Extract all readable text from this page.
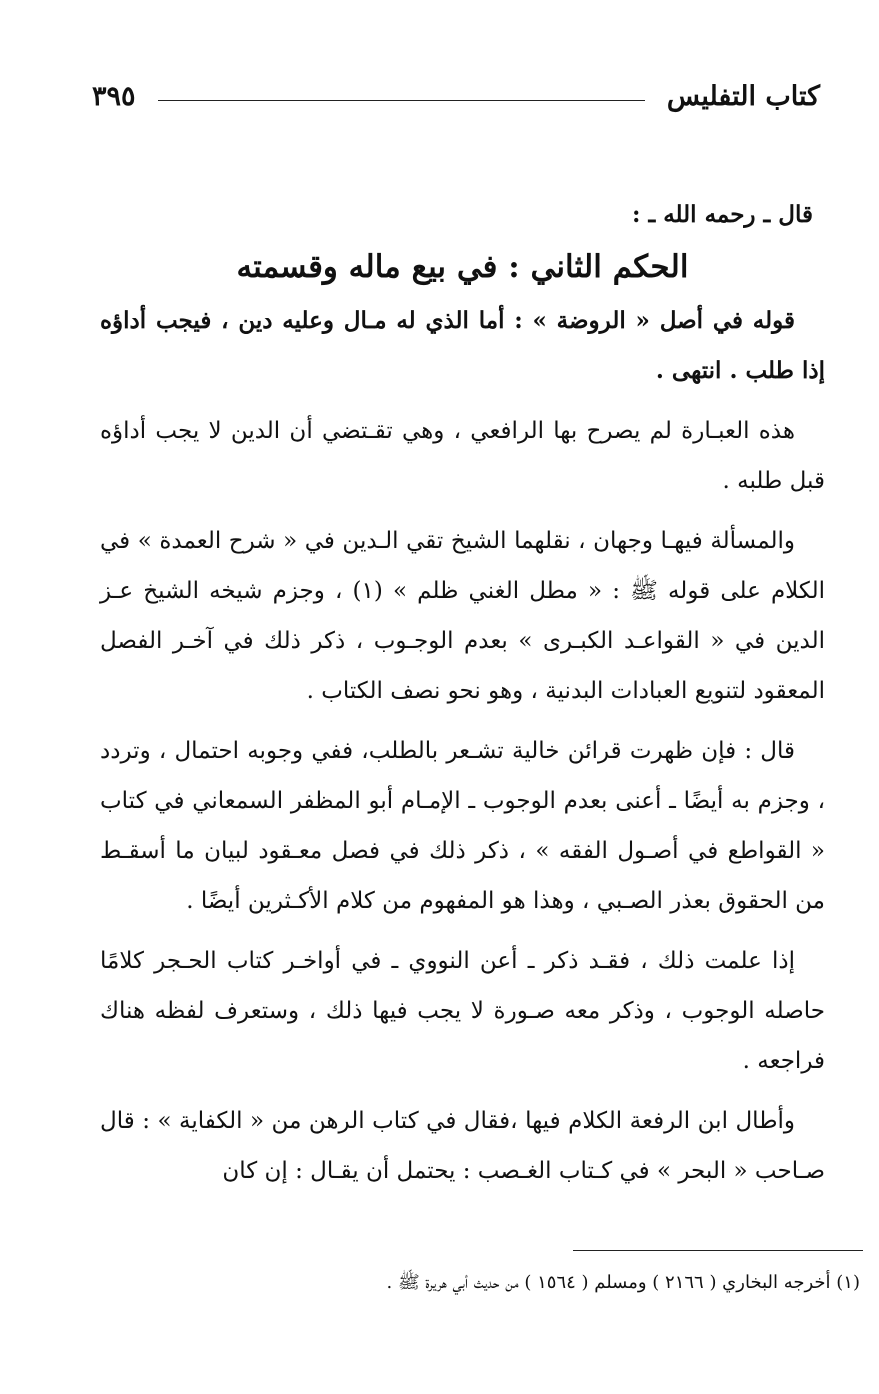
كتاب التفليس
٣٩٥

قال ـ رحمه الله ـ :

الحكم الثاني : في بيع ماله وقسمته

قوله في أصل « الروضة » : أما الذي له مـال وعليه دين ، فيجب أداؤه إذا طلب . انتهى .

هذه العبـارة لم يصرح بها الرافعي ، وهي تقـتضي أن الدين لا يجب أداؤه قبل طلبه .

والمسألة فيهـا وجهان ، نقلهما الشيخ تقي الـدين في « شرح العمدة » في الكلام على قوله ﷺ : « مطل الغني ظلم » (١) ، وجزم شيخه الشيخ عـز الدين في « القواعـد الكبـرى » بعدم الوجـوب ، ذكر ذلك في آخـر الفصل المعقود لتنويع العبادات البدنية ، وهو نحو نصف الكتاب .

قال : فإن ظهرت قرائن خالية تشـعر بالطلب، ففي وجوبه احتمال ، وتردد ، وجزم به أيضًا ـ أعنى بعدم الوجوب ـ الإمـام أبو المظفر السمعاني في كتاب « القواطع في أصـول الفقه » ، ذكر ذلك في فصل معـقود لبيان ما أسقـط من الحقوق بعذر الصـبي ، وهذا هو المفهوم من كلام الأكـثرين أيضًا .

إذا علمت ذلك ، فقـد ذكر ـ أعن النووي ـ في أواخـر كتاب الحـجر كلامًا حاصله الوجوب ، وذكر معه صـورة لا يجب فيها ذلك ، وستعرف لفظه هناك فراجعه .

وأطال ابن الرفعة الكلام فيها ،فقال في كتاب الرهن من « الكفاية » : قال صـاحب « البحر » في كـتاب الغـصب : يحتمل أن يقـال : إن كان

(١) أخرجه البخاري ( ٢١٦٦ ) ومسلم ( ١٥٦٤ ) من حديث أبي هريرة ﷺ .
